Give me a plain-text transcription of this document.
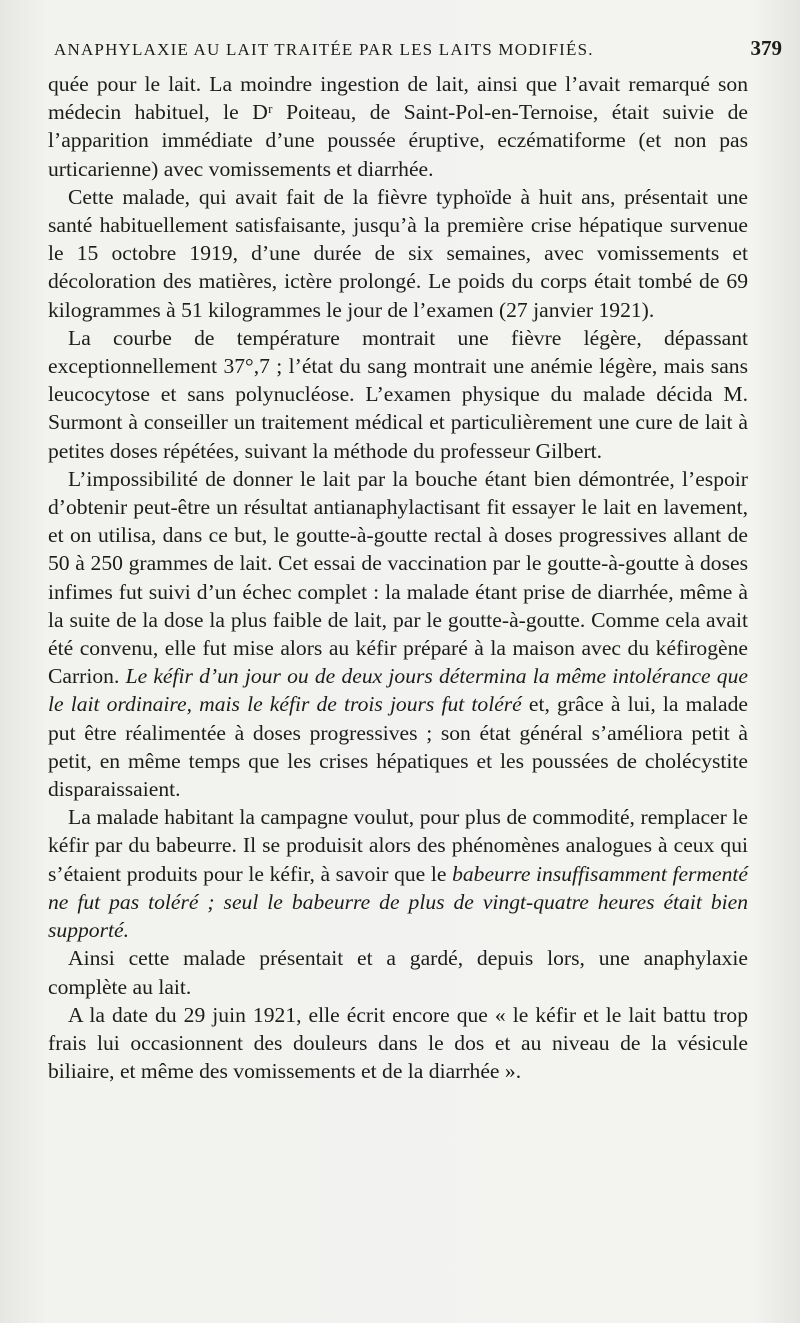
ANAPHYLAXIE AU LAIT TRAITÉE PAR LES LAITS MODIFIÉS.	379

quée pour le lait. La moindre ingestion de lait, ainsi que l’avait remarqué son médecin habituel, le Dʳ Poiteau, de Saint-Pol-en-Ternoise, était suivie de l’apparition immédiate d’une poussée éruptive, eczématiforme (et non pas urticarienne) avec vomissements et diarrhée.

Cette malade, qui avait fait de la fièvre typhoïde à huit ans, présentait une santé habituellement satisfaisante, jusqu’à la première crise hépatique survenue le 15 octobre 1919, d’une durée de six semaines, avec vomissements et décoloration des matières, ictère prolongé. Le poids du corps était tombé de 69 kilogrammes à 51 kilogrammes le jour de l’examen (27 janvier 1921).

La courbe de température montrait une fièvre légère, dépassant exceptionnellement 37°,7 ; l’état du sang montrait une anémie légère, mais sans leucocytose et sans polynucléose. L’examen physique du malade décida M. Surmont à conseiller un traitement médical et particulièrement une cure de lait à petites doses répétées, suivant la méthode du professeur Gilbert.

L’impossibilité de donner le lait par la bouche étant bien démontrée, l’espoir d’obtenir peut-être un résultat antianaphylactisant fit essayer le lait en lavement, et on utilisa, dans ce but, le goutte-à-goutte rectal à doses progressives allant de 50 à 250 grammes de lait. Cet essai de vaccination par le goutte-à-goutte à doses infimes fut suivi d’un échec complet : la malade étant prise de diarrhée, même à la suite de la dose la plus faible de lait, par le goutte-à-goutte. Comme cela avait été convenu, elle fut mise alors au kéfir préparé à la maison avec du kéfirogène Carrion. Le kéfir d’un jour ou de deux jours détermina la même intolérance que le lait ordinaire, mais le kéfir de trois jours fut toléré et, grâce à lui, la malade put être réalimentée à doses progressives ; son état général s’améliora petit à petit, en même temps que les crises hépatiques et les poussées de cholécystite disparaissaient.

La malade habitant la campagne voulut, pour plus de commodité, remplacer le kéfir par du babeurre. Il se produisit alors des phénomènes analogues à ceux qui s’étaient produits pour le kéfir, à savoir que le babeurre insuffisamment fermenté ne fut pas toléré ; seul le babeurre de plus de vingt-quatre heures était bien supporté.

Ainsi cette malade présentait et a gardé, depuis lors, une anaphylaxie complète au lait.

A la date du 29 juin 1921, elle écrit encore que « le kéfir et le lait battu trop frais lui occasionnent des douleurs dans le dos et au niveau de la vésicule biliaire, et même des vomissements et de la diarrhée ».
